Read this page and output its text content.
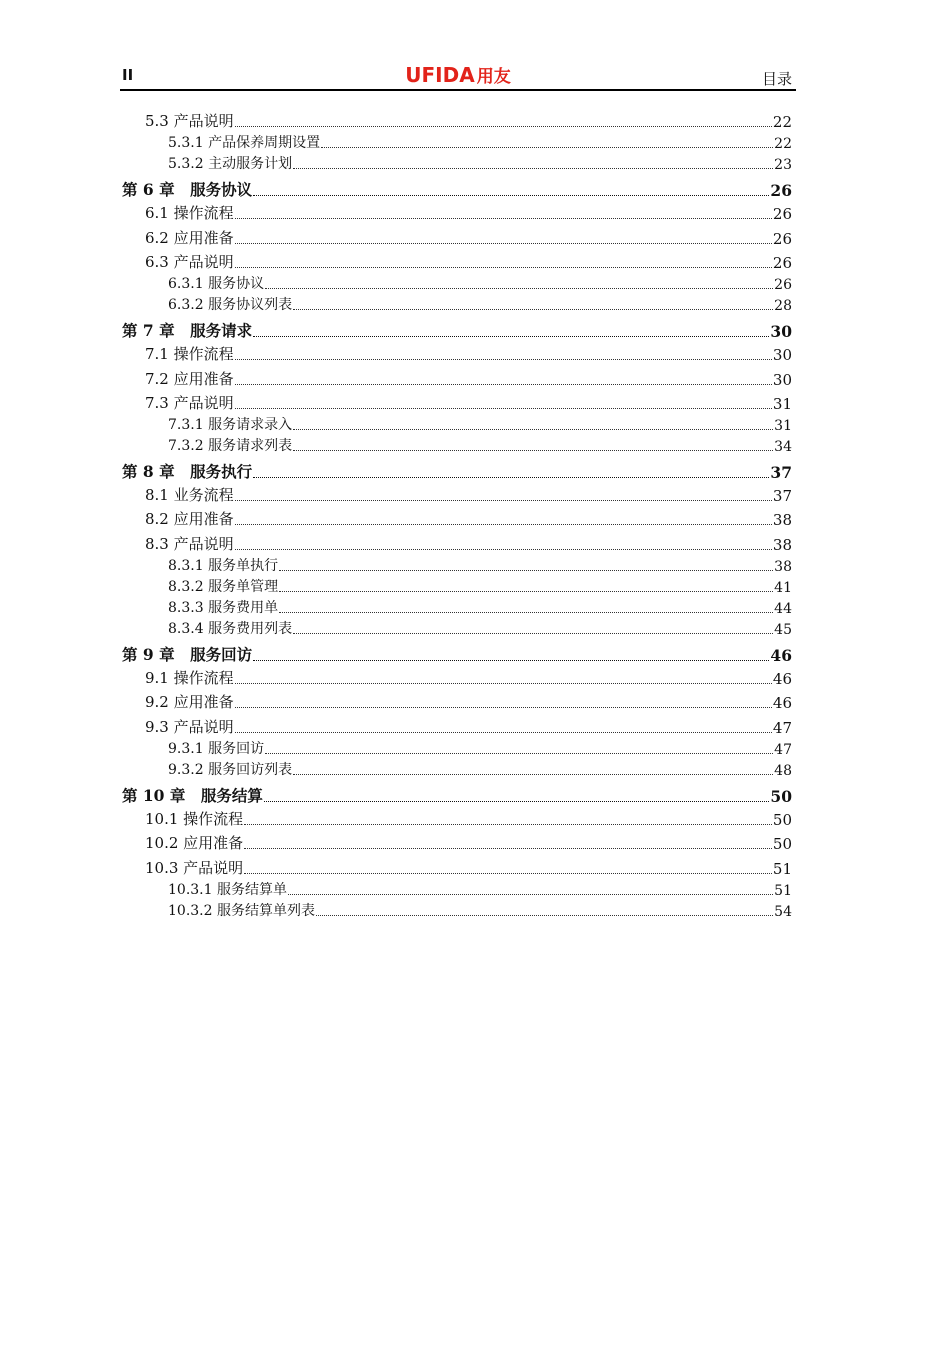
II	UFIDA 用友	目录
5.3 产品说明	22
5.3.1 产品保养周期设置	22
5.3.2 主动服务计划	23
第 6 章　服务协议	26
6.1 操作流程	26
6.2 应用准备	26
6.3 产品说明	26
6.3.1 服务协议	26
6.3.2 服务协议列表	28
第 7 章　服务请求	30
7.1 操作流程	30
7.2 应用准备	30
7.3 产品说明	31
7.3.1 服务请求录入	31
7.3.2 服务请求列表	34
第 8 章　服务执行	37
8.1 业务流程	37
8.2 应用准备	38
8.3 产品说明	38
8.3.1 服务单执行	38
8.3.2 服务单管理	41
8.3.3 服务费用单	44
8.3.4 服务费用列表	45
第 9 章　服务回访	46
9.1 操作流程	46
9.2 应用准备	46
9.3 产品说明	47
9.3.1 服务回访	47
9.3.2 服务回访列表	48
第 10 章　服务结算	50
10.1 操作流程	50
10.2 应用准备	50
10.3 产品说明	51
10.3.1 服务结算单	51
10.3.2 服务结算单列表	54
